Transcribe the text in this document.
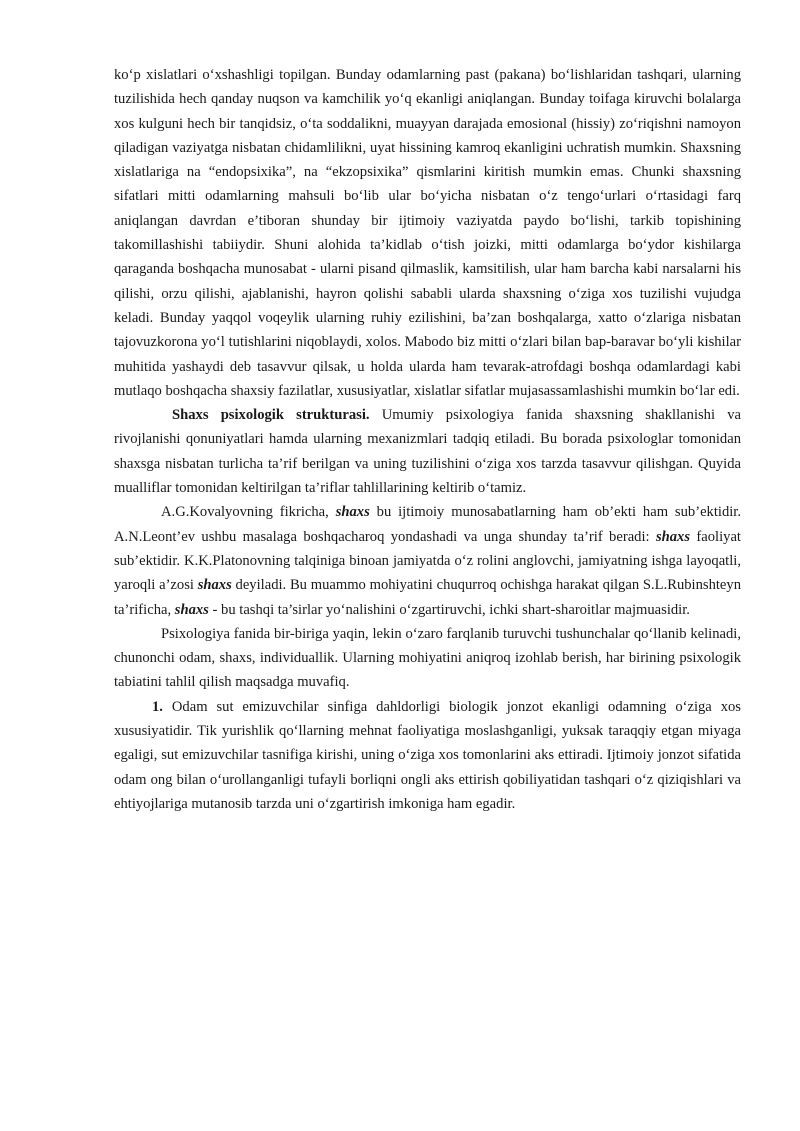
ko‘p xislatlari o‘xshashligi topilgan. Bunday odamlarning past (pakana) bo‘lishlaridan tashqari, ularning tuzilishida hech qanday nuqson va kamchilik yo‘q ekanligi aniqlangan. Bunday toifaga kiruvchi bolalarga xos kulguni hech bir tanqidsiz, o‘ta soddalikni, muayyan darajada emosional (hissiy) zo‘riqishni namoyon qiladigan vaziyatga nisbatan chidamlilikni, uyat hissining kamroq ekanligini uchratish mumkin. Shaxsning xislatlariga na “endopsixika”, na “ekzopsixika” qismlarini kiritish mumkin emas. Chunki shaxsning sifatlari mitti odamlarning mahsuli bo‘lib ular bo‘yicha nisbatan o‘z tengo‘urlari o‘rtasidagi farq aniqlangan davrdan e’tiboran shunday bir ijtimoiy vaziyatda paydo bo‘lishi, tarkib topishining takomillashishi tabiiydir. Shuni alohida ta’kidlab o‘tish joizki, mitti odamlarga bo‘ydor kishilarga qaraganda boshqacha munosabat - ularni pisand qilmaslik, kamsitilish, ular ham barcha kabi narsalarni his qilishi, orzu qilishi, ajablanishi, hayron qolishi sababli ularda shaxsning o‘ziga xos tuzilishi vujudga keladi. Bunday yaqqol voqeylik ularning ruhiy ezilishini, ba’zan boshqalarga, xatto o‘zlariga nisbatan tajovuzkorona yo‘l tutishlarini niqoblaydi, xolos. Mabodo biz mitti o‘zlari bilan bap-baravar bo‘yli kishilar muhitida yashaydi deb tasavvur qilsak, u holda ularda ham tevarak-atrofdagi boshqa odamlardagi kabi mutlaqo boshqacha shaxsiy fazilatlar, xususiyatlar, xislatlar sifatlar mujasassamlashishi mumkin bo‘lar edi.

Shaxs psixologik strukturasi. Umumiy psixologiya fanida shaxsning shakllanishi va rivojlanishi qonuniyatlari hamda ularning mexanizmlari tadqiq etiladi. Bu borada psixologlar tomonidan shaxsga nisbatan turlicha ta’rif berilgan va uning tuzilishini o‘ziga xos tarzda tasavvur qilishgan. Quyida mualliflar tomonidan keltirilgan ta’riflar tahlillarining keltirib o‘tamiz.

A.G.Kovalyovning fikricha, shaxs bu ijtimoiy munosabatlarning ham ob’ekti ham sub’ektidir. A.N.Leont’ev ushbu masalaga boshqacharoq yondashadi va unga shunday ta’rif beradi: shaxs faoliyat sub’ektidir. K.K.Platonovning talqiniga binoan jamiyatda o‘z rolini anglovchi, jamiyatning ishga layoqatli, yaroqli a’zosi shaxs deyiladi. Bu muammo mohiyatini chuqurroq ochishga harakat qilgan S.L.Rubinshteyn ta’rificha, shaxs - bu tashqi ta’sirlar yo‘nalishini o‘zgartiruvchi, ichki shart-sharoitlar majmuasidir.

Psixologiya fanida bir-biriga yaqin, lekin o‘zaro farqlanib turuvchi tushunchalar qo‘llanib kelinadi, chunonchi odam, shaxs, individuallik. Ularning mohiyatini aniqroq izohlab berish, har birining psixologik tabiatini tahlil qilish maqsadga muvafiq.

1. Odam sut emizuvchilar sinfiga dahldorligi biologik jonzot ekanligi odamning o‘ziga xos xususiyatidir. Tik yurishlik qo‘llarning mehnat faoliyatiga moslashganligi, yuksak taraqqiy etgan miyaga egaligi, sut emizuvchilar tasnifiga kirishi, uning o‘ziga xos tomonlarini aks ettiradi. Ijtimoiy jonzot sifatida odam ong bilan o‘urollanganligi tufayli borliqni ongli aks ettirish qobiliyatidan tashqari o‘z qiziqishlari va ehtiyojlariga mutanosib tarzda uni o‘zgartirish imkoniga ham egadir.
